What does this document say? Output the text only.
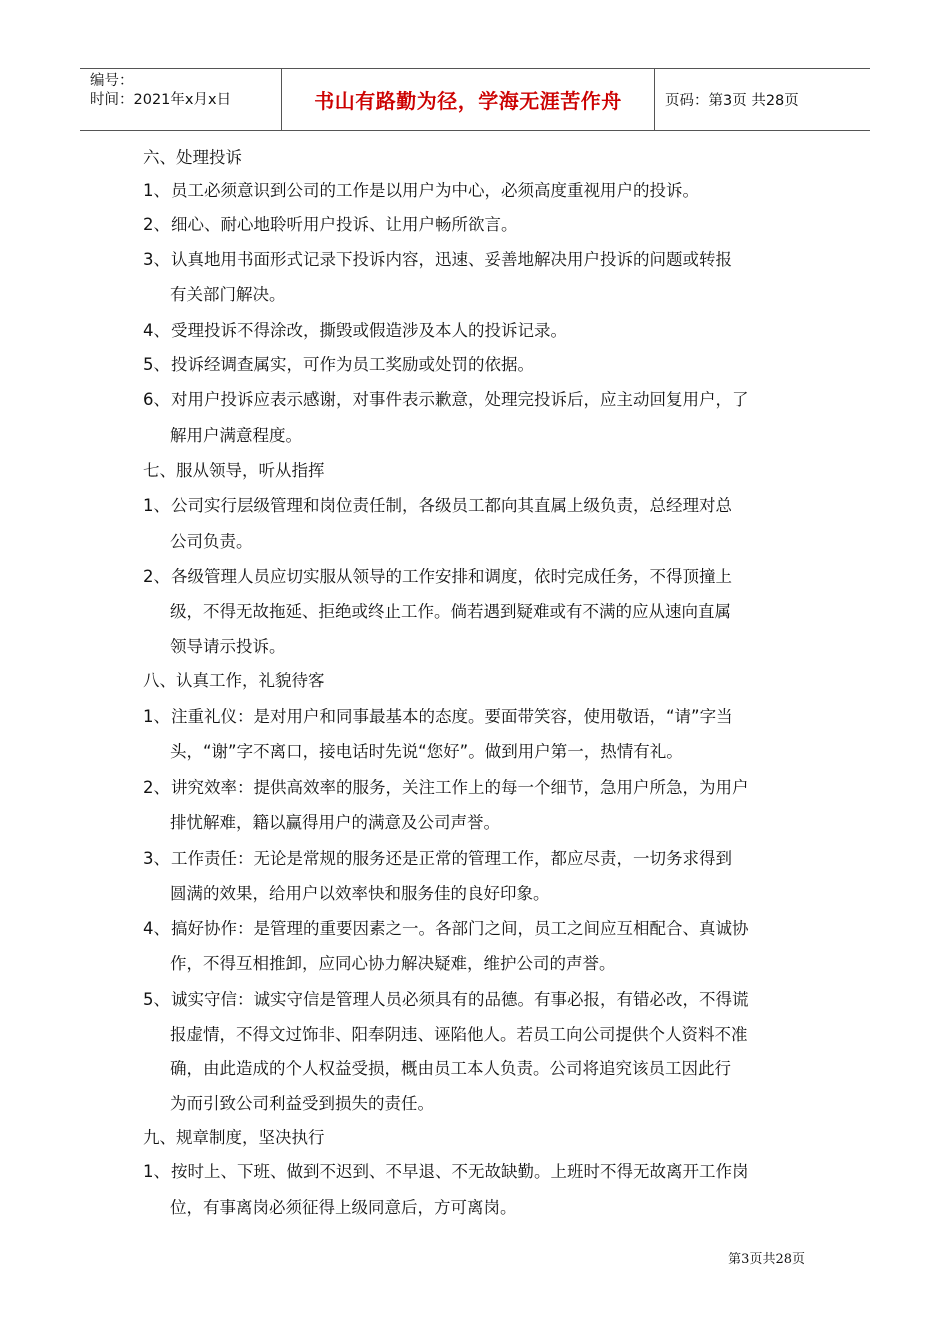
编号：
时间：2021年x月x日	书山有路勤为径，学海无涯苦作舟	页码：第3页 共28页
六、处理投诉
1、员工必须意识到公司的工作是以用户为中心，必须高度重视用户的投诉。
2、细心、耐心地聆听用户投诉、让用户畅所欲言。
3、认真地用书面形式记录下投诉内容，迅速、妥善地解决用户投诉的问题或转报
有关部门解决。
4、受理投诉不得涂改，撕毁或假造涉及本人的投诉记录。
5、投诉经调查属实，可作为员工奖励或处罚的依据。
6、对用户投诉应表示感谢，对事件表示歉意，处理完投诉后，应主动回复用户，了
解用户满意程度。
七、服从领导，听从指挥
1、公司实行层级管理和岗位责任制，各级员工都向其直属上级负责，总经理对总
公司负责。
2、各级管理人员应切实服从领导的工作安排和调度，依时完成任务，不得顶撞上
级，不得无故拖延、拒绝或终止工作。倘若遇到疑难或有不满的应从速向直属
领导请示投诉。
八、认真工作，礼貌待客
1、注重礼仪：是对用户和同事最基本的态度。要面带笑容，使用敬语，“请”字当
头，“谢”字不离口，接电话时先说“您好”。做到用户第一，热情有礼。
2、讲究效率：提供高效率的服务，关注工作上的每一个细节，急用户所急，为用户
排忧解难，籍以赢得用户的满意及公司声誉。
3、工作责任：无论是常规的服务还是正常的管理工作，都应尽责，一切务求得到
圆满的效果，给用户以效率快和服务佳的良好印象。
4、搞好协作：是管理的重要因素之一。各部门之间，员工之间应互相配合、真诚协
作，不得互相推卸，应同心协力解决疑难，维护公司的声誉。
5、诚实守信：诚实守信是管理人员必须具有的品德。有事必报，有错必改，不得谎
报虚情，不得文过饰非、阳奉阴违、诬陷他人。若员工向公司提供个人资料不准
确，由此造成的个人权益受损，概由员工本人负责。公司将追究该员工因此行
为而引致公司利益受到损失的责任。
九、规章制度，坚决执行
1、按时上、下班、做到不迟到、不早退、不无故缺勤。上班时不得无故离开工作岗
位，有事离岗必须征得上级同意后，方可离岗。
第3页共28页
